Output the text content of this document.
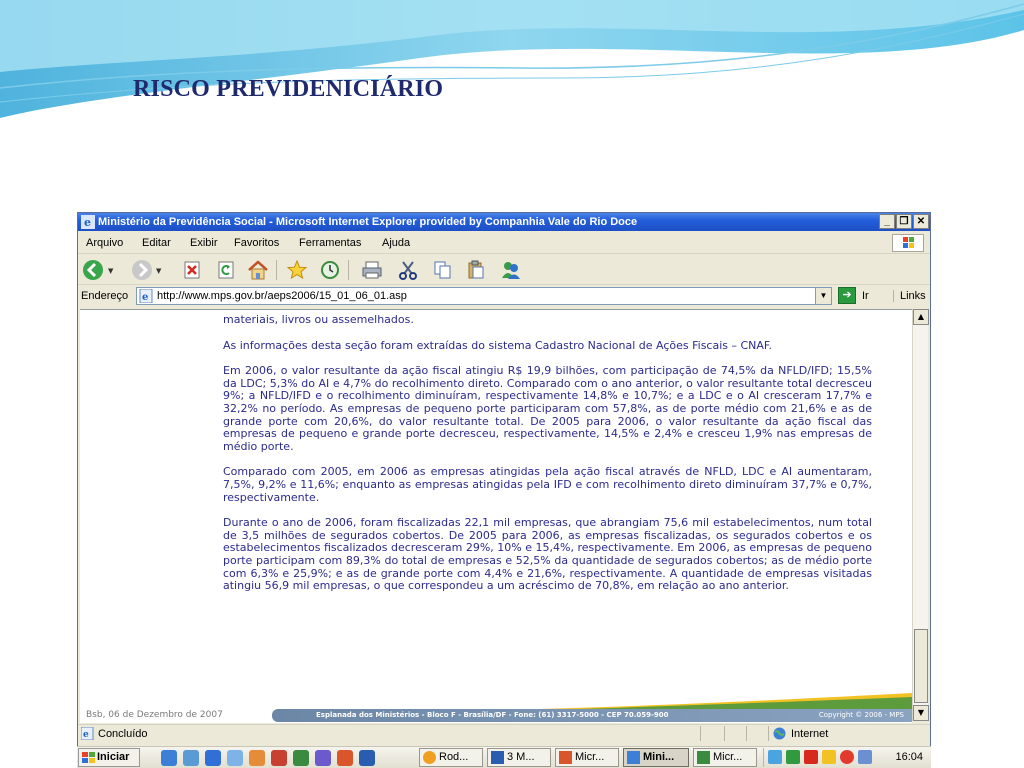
RISCO PREVIDENICIÁRIO
e Ministério da Previdência Social - Microsoft Internet Explorer provided by Companhia Vale do Rio Doce	_ ❐ ✕
Arquivo Editar Exibir Favoritos Ferramentas Ajuda
▼	▼
Endereço e http://www.mps.gov.br/aeps2006/15_01_06_01.asp	▼	➔ Ir	Links

materiais, livros ou assemelhados.

As informações desta seção foram extraídas do sistema Cadastro Nacional de Ações Fiscais – CNAF.

Em 2006, o valor resultante da ação fiscal atingiu R$ 19,9 bilhões, com participação de 74,5% da NFLD/IFD; 15,5% da LDC; 5,3% do AI e 4,7% do recolhimento direto. Comparado com o ano anterior, o valor resultante total decresceu 9%; a NFLD/IFD e o recolhimento diminuíram, respectivamente 14,8% e 10,7%; e a LDC e o AI cresceram 17,7% e 32,2% no período. As empresas de pequeno porte participaram com 57,8%, as de porte médio com 21,6% e as de grande porte com 20,6%, do valor resultante total. De 2005 para 2006, o valor resultante da ação fiscal das empresas de pequeno e grande porte decresceu, respectivamente, 14,5% e 2,4% e cresceu 1,9% nas empresas de médio porte.

Comparado com 2005, em 2006 as empresas atingidas pela ação fiscal através de NFLD, LDC e AI aumentaram, 7,5%, 9,2% e 11,6%; enquanto as empresas atingidas pela IFD e com recolhimento direto diminuíram 37,7% e 0,7%, respectivamente.

Durante o ano de 2006, foram fiscalizadas 22,1 mil empresas, que abrangiam 75,6 mil estabelecimentos, num total de 3,5 milhões de segurados cobertos. De 2005 para 2006, as empresas fiscalizadas, os segurados cobertos e os estabelecimentos fiscalizados decresceram 29%, 10% e 15,4%, respectivamente. Em 2006, as empresas de pequeno porte participam com 89,3% do total de empresas e 52,5% da quantidade de segurados cobertos; as de médio porte com 6,3% e 25,9%; e as de grande porte com 4,4% e 21,6%, respectivamente. A quantidade de empresas visitadas atingiu 56,9 mil empresas, o que correspondeu a um acréscimo de 70,8%, em relação ao ano anterior.

Bsb, 06 de Dezembro de 2007	Esplanada dos Ministérios - Bloco F - Brasília/DF - Fone: (61) 3317-5000 - CEP 70.059-900	Copyright © 2006 - MPS
▲
▼
e Concluído	Internet
Iniciar	Rod...	3 M...	Micr...	Mini...	Micr...	16:04
